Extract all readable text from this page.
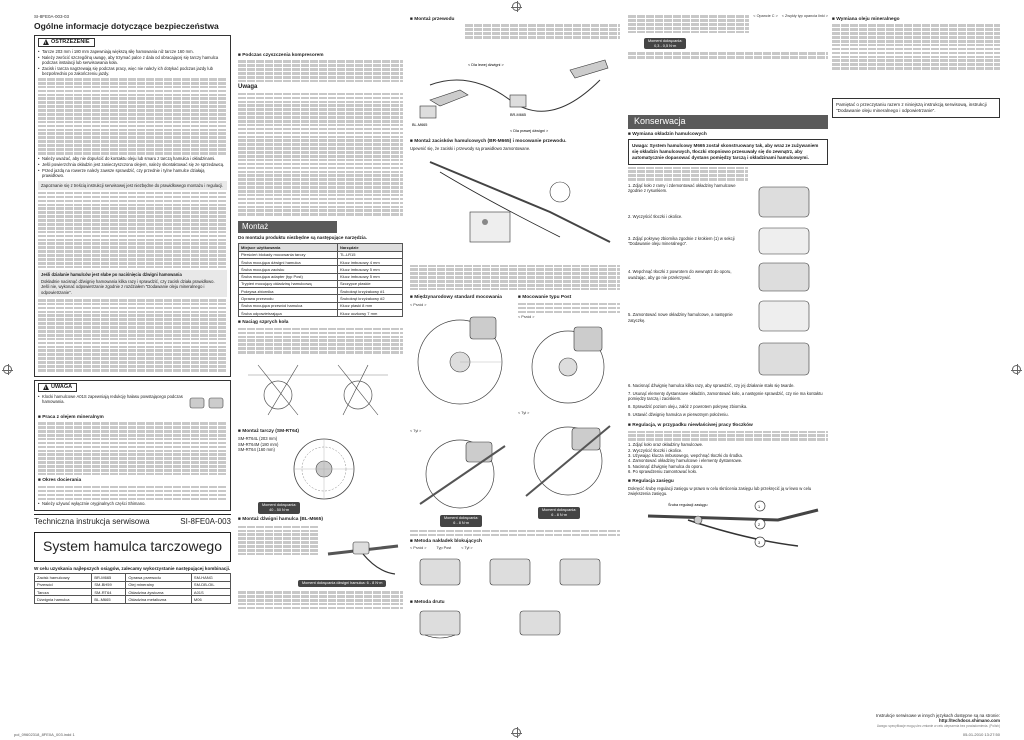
SI-8FE0A-003-03
Ogólne informacje dotyczące bezpieczeństwa
!
OSTRZEŻENIE
• Tarcze 203 mm i 180 mm zapewniają większą siłę hamowania niż tarcze 160 mm.
• Należy zwrócić szczególną uwagę, aby trzymać palce z dala od obracającej się tarczy hamulca podczas instalacji lub serwisowania koła.
• Zacisk i tarcza nagrzewają się podczas pracy, więc nie należy ich dotykać podczas jazdy lub bezpośrednio po zakończeniu jazdy.
• Należy uważać, aby nie dopuścić do kontaktu oleju lub smaru z tarczą hamulca i okładzinami.
• Jeśli powierzchnia okładzin jest zanieczyszczona olejem, należy skontaktować się ze sprzedawcą.
• Przed jazdą na rowerze należy zawsze sprawdzić, czy przednie i tylne hamulce działają prawidłowo.
Zapoznanie się z treścią instrukcji serwisowej jest niezbędne do prawidłowego montażu i regulacji.
Jeśli działanie hamulców jest słabe po naciśnięciu dźwigni hamowania
Dokładnie nacisnąć dźwignię hamowania kilka razy i sprawdzić, czy zacisk działa prawidłowo. Jeśli nie, wykonać odpowietrzanie zgodnie z rozdziałem "Dodawanie oleju mineralnego i odpowietrzanie".
!
UWAGA
• Klocki hamulcowe A01S zapewniają redukcję hałasu powstającego podczas hamowania.
■ Praca z olejem mineralnym
■ Okres docierania
• Należy używać wyłącznie oryginalnych części Shimano.
Techniczna instrukcja serwisowa	SI-8FE0A-003
System hamulca tarczowego
W celu uzyskania najlepszych osiągów, zalecamy wykorzystanie następującej kombinacji.
Zacisk hamulcowy	BR-M665	Oprawa przewodu	SM-HANG
Przewód	SM-BH59	Olej mineralny	SM-DB-OIL
Tarcza	SM-RT64	Okładzina żywiczna	A01S
Dźwignia hamulca	BL-M665	Okładzina metaliczna	M06
■ Podczas czyszczenia kompresorem
Uwaga
Montaż
Do montażu produktu niezbędne są następujące narzędzia.
Miejsce użytkowania	Narzędzie
Pierścień blokady mocowania tarczy	TL-LR15
Śruba mocująca dźwigni hamulca	Klucz imbusowy 4 mm
Śruba mocująca zacisku	Klucz imbusowy 5 mm
Śruba mocująca adapter (typ Post)	Klucz imbusowy 5 mm
Trypień mocujący okładzinę hamulcową	Szczypce płaskie
Pokrywa zbiornika	Śrubokręt krzyżakowy #1
Oprawa przewodu	Śrubokręt krzyżakowy #2
Śruba mocująca przewód hamulca	Klucz płaski 8 mm
Śruba odpowietrzająca	Klucz oczkowy 7 mm
■ Naciąg szprych koła
■ Montaż tarczy (SM-RT64)
SM-RT64L (203 mm)
SM-RT64M (180 mm)
SM-RT64 (160 mm)
Moment dokręcania:
40 - 50 N·m
■ Montaż dźwigni hamulca (BL-M665)
Moment dokręcania dźwigni hamulca: 6 - 8 N·m
■ Montaż przewodu
< Dla lewej dźwigni >
< Dla prawej dźwigni >
BL-M665
BR-M665
■ Montaż zacisków hamulcowych (BR-M665) i mocowanie przewodu.
Upewnić się, że zaciski i przewody są prawidłowo zamontowane.
■ Międzynarodowy standard mocowania
< Przód >
< Tył >
Moment dokręcania:
6 - 8 N·m
■ Mocowanie typu Post
< Przód >
< Tył >
Moment dokręcania:
6 - 8 N·m
■ Metoda nakładek blokujących
< Przód >	Typ Post	< Tył >
■ Metoda drutu
< Opancie C > < Zwykły typ opancia linki >
Moment dokręcania:
0,3 - 0,5 N·m
Konserwacja
■ Wymiana okładzin hamulcowych
Uwaga: System hamulcowy M665 został skonstruowany tak, aby wraz ze zużywaniem się okładzin hamulcowych, tłoczki stopniowo przesuwały się do zewnątrz, aby automatycznie dopasować dystans pomiędzy tarczą i okładzinami hamulcowymi.
1. Zdjąć koło z ramy i zdemontować okładziny hamulcowe zgodnie z rysunkiem.
2. Wyczyścić tłoczki i okolice.
3. Zdjąć pokrywę zbiornika zgodnie z krokiem (1) w sekcji "Dodawanie oleju mineralnego".
4. Wepchnąć tłoczki z powrotem do wewnątrz do oporu, uważając, aby go nie przekrzywić.
5. Zamontować nowe okładziny hamulcowe, a następnie zatyczkę.
6. Nacisnąć dźwignię hamulca kilka razy, aby sprawdzić, czy jej działanie stało się twarde.
7. Usunąć elementy dystansowe okładzin, zamontować koło, a następnie sprawdzić, czy nie ma kontaktu pomiędzy tarczą i zaciskiem.
8. Sprawdzić poziom oleju, załóż z powrotem pokrywę zbiornika.
9. Ustawić dźwignię hamulca w pierwotnym położeniu.
■ Regulacja, w przypadku niewłaściwej pracy tłoczków
1. Zdjąć koło oraz okładziny hamulcowe.
2. Wyczyścić tłoczki i okolice.
3. Używając klucza imbusowego, wepchnąć tłoczki do środka.
4. Zamontować okładziny hamulcowe i elementy dystansowe.
5. Nacisnąć dźwignię hamulca do oporu.
6. Po sprawdzeniu zamontować koło.
■ Regulacja zasięgu
Dokręcić śrubę regulacji zasięgu w prawo w celu skrócenia zasięgu lub przekręcić ją w lewo w celu zwiększenia zasięgu.
1
2
3
Śruba regulacji zasięgu
■ Wymiana oleju mineralnego
Pamiętać o przeczytaniu razem z niniejszą instrukcją serwisową, instrukcji "Dodawanie oleju mineralnego i odpowietrzanie".
Instrukcje serwisowe w innych językach dostępne są na stronie:
http://techdocs.shimano.com
Uwaga: specyfikacje mogą ulec zmianie w celu ulepszenia bez powiadomienia. (Polish)
pol_09602318_8FE0A_003.indd 1	05-01-2010 13:27:50
